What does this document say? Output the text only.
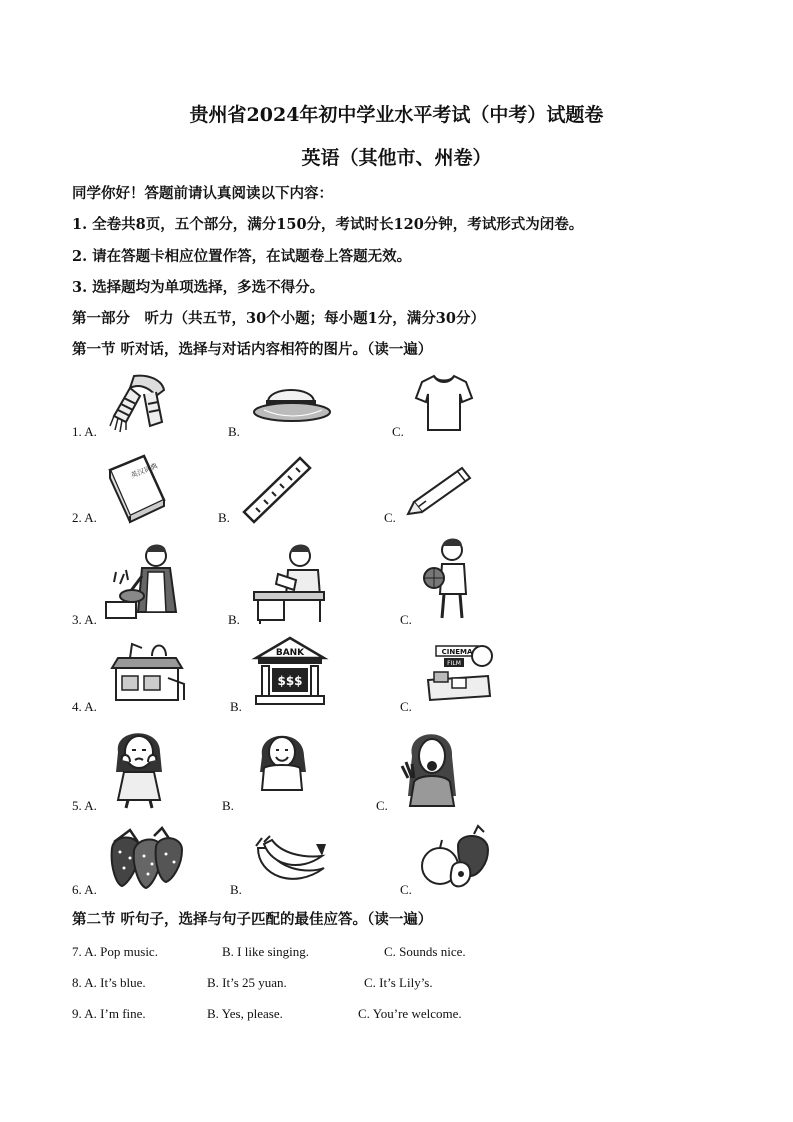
贵州省2024年初中学业水平考试（中考）试题卷
英语（其他市、州卷）
同学你好！答题前请认真阅读以下内容：
1. 全卷共8页，五个部分，满分150分，考试时长120分钟，考试形式为闭卷。
2. 请在答题卡相应位置作答，在试题卷上答题无效。
3. 选择题均为单项选择，多选不得分。
第一部分　听力（共五节，30个小题；每小题1分，满分30分）
第一节 听对话，选择与对话内容相符的图片。（读一遍）
1. A.	B.	C.
2. A.	B.	C.
英汉词典
3. A.	B.	C.
4. A.	B.	C.
BANK
$$$
CINEMA
FILM
5. A.	B.	C.
6. A.	B.	C.
第二节 听句子，选择与句子匹配的最佳应答。（读一遍）
7. A. Pop music.	B. I like singing.	C. Sounds nice.
8. A. It’s blue.	B. It’s 25 yuan.	C. It’s Lily’s.
9. A. I’m fine.	B. Yes, please.	C. You’re welcome.
